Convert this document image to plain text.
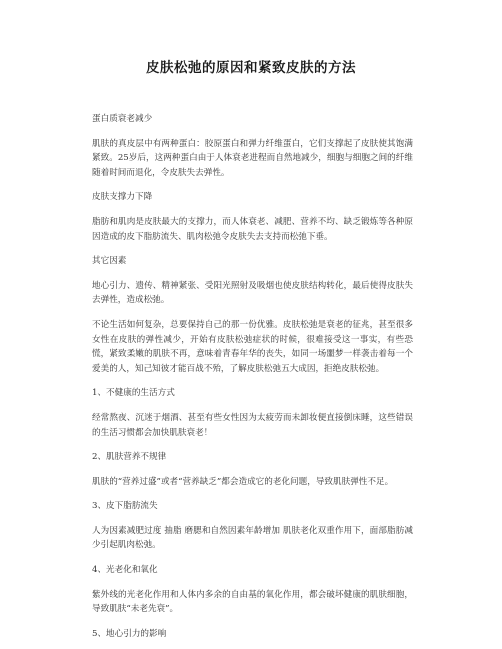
皮肤松弛的原因和紧致皮肤的方法

蛋白质衰老减少

肌肤的真皮层中有两种蛋白：胶原蛋白和弹力纤维蛋白，它们支撑起了皮肤使其饱满紧致。25岁后，这两种蛋白由于人体衰老进程而自然地减少，细胞与细胞之间的纤维随着时间而退化，令皮肤失去弹性。

皮肤支撑力下降

脂肪和肌肉是皮肤最大的支撑力，而人体衰老、减肥、营养不均、缺乏锻炼等各种原因造成的皮下脂肪流失、肌肉松弛令皮肤失去支持而松弛下垂。

其它因素

地心引力、遗传、精神紧张、受阳光照射及吸烟也使皮肤结构转化，最后使得皮肤失去弹性，造成松弛。

不论生活如何复杂，总要保持自己的那一份优雅。皮肤松弛是衰老的征兆，甚至很多女性在皮肤的弹性减少，开始有皮肤松弛症状的时候，很难接受这一事实，有些恐慌，紧致柔嫩的肌肤不再，意味着青春年华的丧失，如同一场噩梦一样袭击着每一个爱美的人，知己知彼才能百战不殆，了解皮肤松弛五大成因，拒绝皮肤松弛。

1、不健康的生活方式

经常熬夜、沉迷于烟酒、甚至有些女性因为太疲劳而未卸妆便直接倒床睡，这些错误的生活习惯都会加快肌肤衰老！

2、肌肤营养不规律

肌肤的“营养过盛”或者“营养缺乏”都会造成它的老化问题，导致肌肤弹性不足。

3、皮下脂肪流失

人为因素减肥过度 抽脂 磨腮和自然因素年龄增加 肌肤老化双重作用下，面部脂肪减少引起肌肉松弛。

4、光老化和氧化

紫外线的光老化作用和人体内多余的自由基的氧化作用，都会破坏健康的肌肤细胞，导致肌肤“未老先衰”。

5、地心引力的影响
